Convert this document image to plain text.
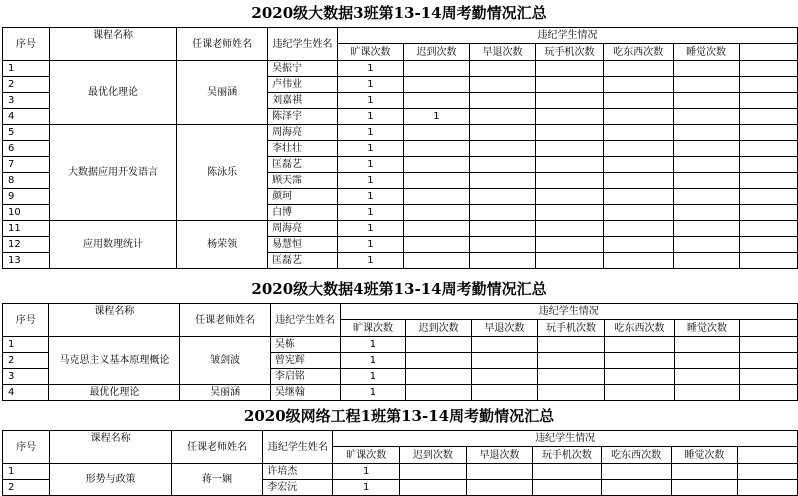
2020级大数据3班第13-14周考勤情况汇总
序号	课程名称	任课老师姓名	违纪学生姓名	违纪学生情况						
				旷课次数	迟到次数	早退次数	玩手机次数	吃东西次数	睡觉次数	
1	最优化理论	吴丽涵	吴振宁	1						
2			卢伟业	1						
3			刘嘉祺	1						
4			陈泽宇	1	1					
5	大数据应用开发语言	陈泳乐	周海亮	1						
6			李壮壮	1						
7			匡磊艺	1						
8			顾天霈	1						
9			颜珂	1						
10			白博	1						
11	应用数理统计	杨荣领	周海亮	1						
12			易慧恒	1						
13			匡磊艺	1						
2020级大数据4班第13-14周考勤情况汇总
序号	课程名称	任课老师姓名	违纪学生姓名	违纪学生情况						
				旷课次数	迟到次数	早退次数	玩手机次数	吃东西次数	睡觉次数	
1	马克思主义基本原理概论	皱剑波	吴栋	1						
2			曾宪辉	1						
3			李启铭	1						
4	最优化理论	吴丽涵	吴继翰	1						
2020级网络工程1班第13-14周考勤情况汇总
序号	课程名称	任课老师姓名	违纪学生姓名	违纪学生情况						
				旷课次数	迟到次数	早退次数	玩手机次数	吃东西次数	睡觉次数	
1	形势与政策	蒋一娴	许培杰	1						
2			李宏沅	1						
